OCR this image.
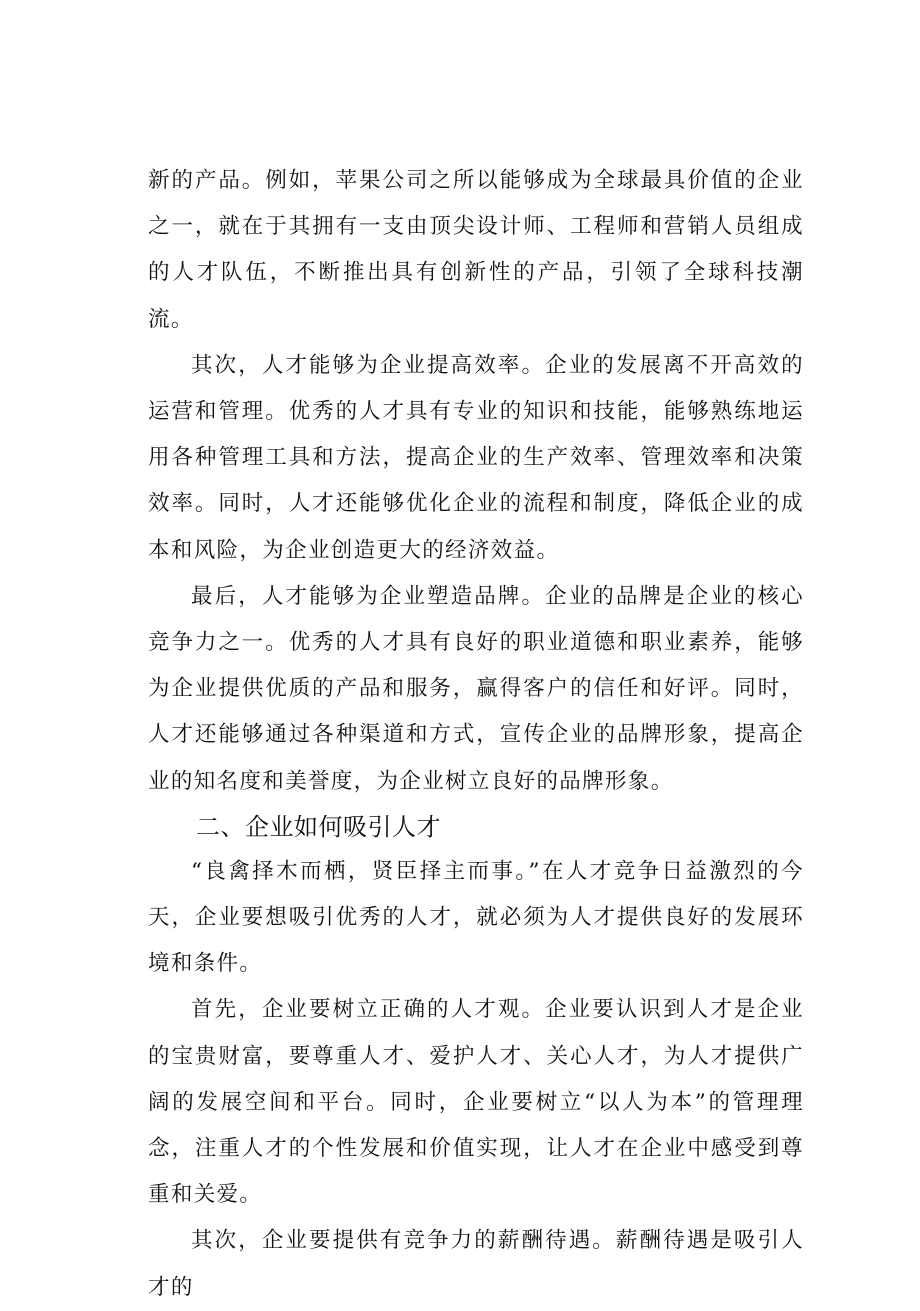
新的产品。例如，苹果公司之所以能够成为全球最具价值的企业之一，就在于其拥有一支由顶尖设计师、工程师和营销人员组成的人才队伍，不断推出具有创新性的产品，引领了全球科技潮流。

其次，人才能够为企业提高效率。企业的发展离不开高效的运营和管理。优秀的人才具有专业的知识和技能，能够熟练地运用各种管理工具和方法，提高企业的生产效率、管理效率和决策效率。同时，人才还能够优化企业的流程和制度，降低企业的成本和风险，为企业创造更大的经济效益。

最后，人才能够为企业塑造品牌。企业的品牌是企业的核心竞争力之一。优秀的人才具有良好的职业道德和职业素养，能够为企业提供优质的产品和服务，赢得客户的信任和好评。同时，人才还能够通过各种渠道和方式，宣传企业的品牌形象，提高企业的知名度和美誉度，为企业树立良好的品牌形象。

二、企业如何吸引人才

“良禽择木而栖，贤臣择主而事。”在人才竞争日益激烈的今天，企业要想吸引优秀的人才，就必须为人才提供良好的发展环境和条件。

首先，企业要树立正确的人才观。企业要认识到人才是企业的宝贵财富，要尊重人才、爱护人才、关心人才，为人才提供广阔的发展空间和平台。同时，企业要树立“以人为本”的管理理念，注重人才的个性发展和价值实现，让人才在企业中感受到尊重和关爱。

其次，企业要提供有竞争力的薪酬待遇。薪酬待遇是吸引人才的
